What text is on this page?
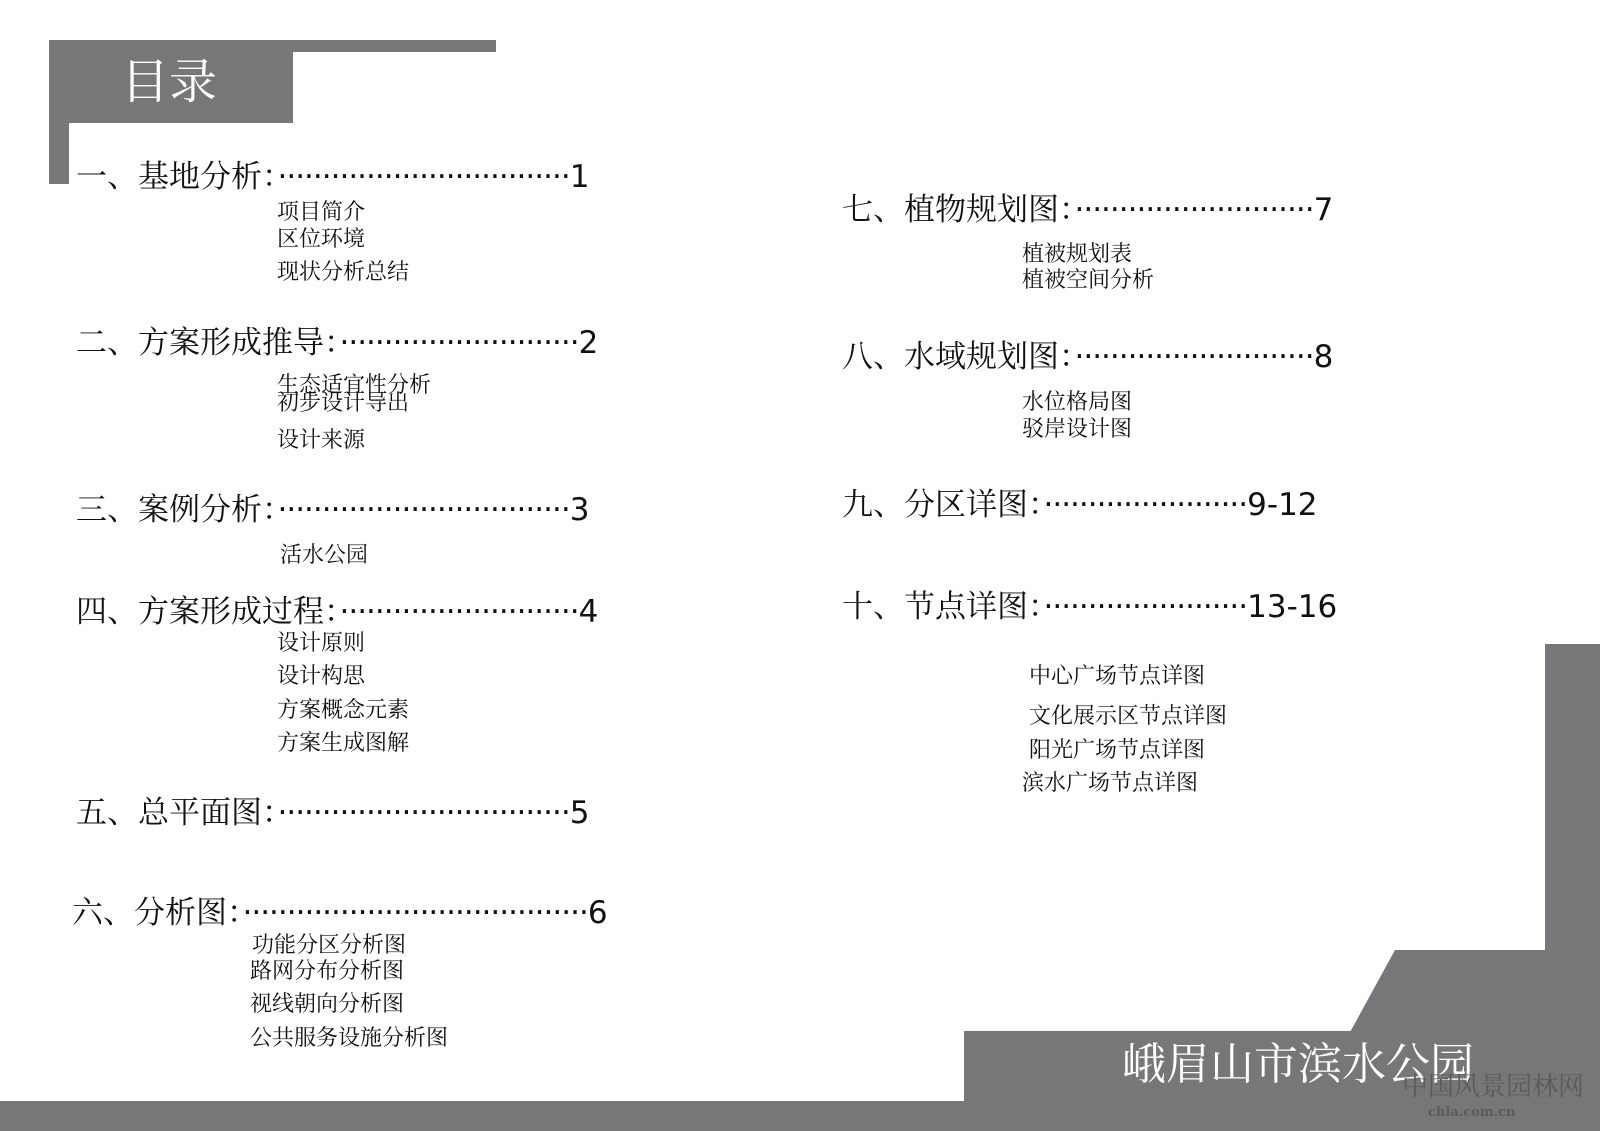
目录
峨眉山市滨水公园
中国风景园林网
chla.com.cn
一、基地分析：·································1
项目简介
区位环境
现状分析总结
二、方案形成推导：···························2
生态适宜性分析
初步设计导出
设计来源
三、案例分析：·································3
活水公园
四、方案形成过程：···························4
设计原则
设计构思
方案概念元素
方案生成图解
五、总平面图：·································5
六、分析图：·······································6
功能分区分析图
路网分布分析图
视线朝向分析图
公共服务设施分析图
七、植物规划图：···························7
植被规划表
植被空间分析
八、水域规划图：···························8
水位格局图
驳岸设计图
九、分区详图：·······················9-12
十、节点详图：·······················13-16
中心广场节点详图
文化展示区节点详图
阳光广场节点详图
滨水广场节点详图
